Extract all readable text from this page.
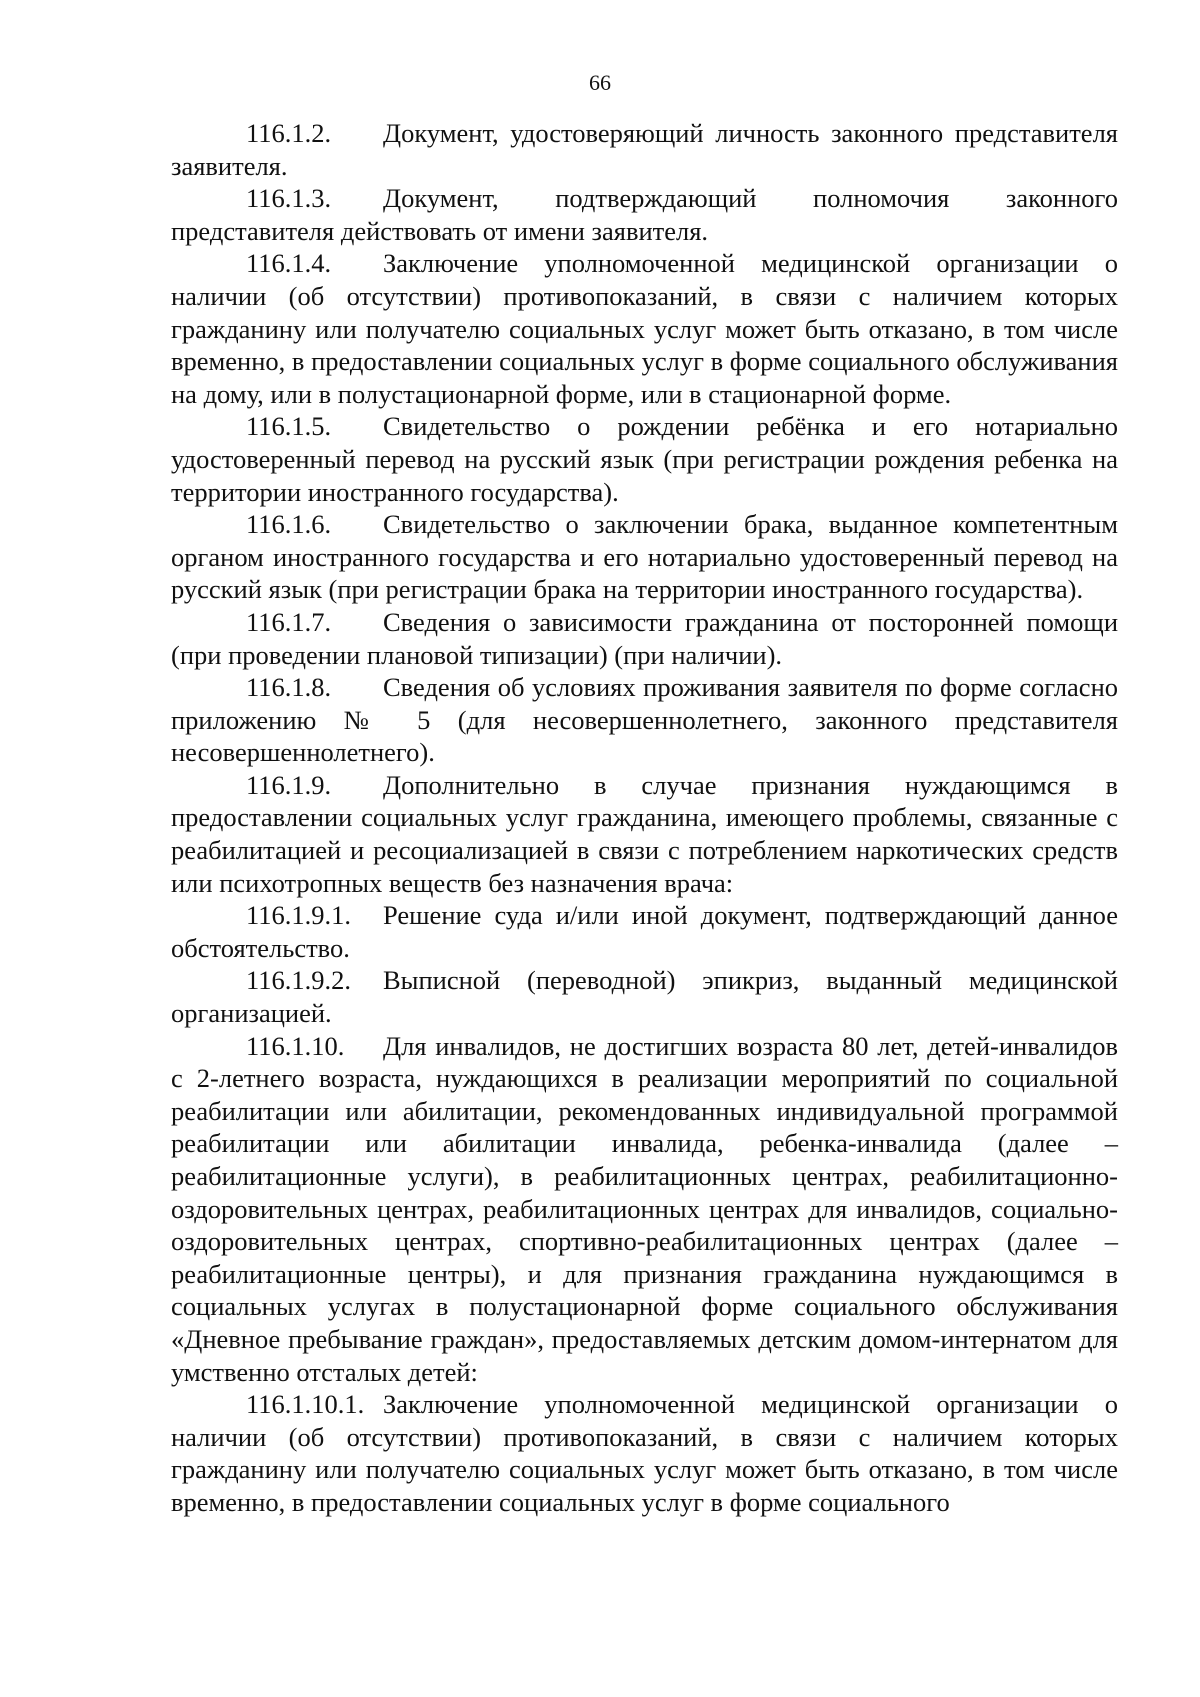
66

116.1.2. Документ, удостоверяющий личность законного представителя заявителя.

116.1.3. Документ, подтверждающий полномочия законного представителя действовать от имени заявителя.

116.1.4. Заключение уполномоченной медицинской организации о наличии (об отсутствии) противопоказаний, в связи с наличием которых гражданину или получателю социальных услуг может быть отказано, в том числе временно, в предоставлении социальных услуг в форме социального обслуживания на дому, или в полустационарной форме, или в стационарной форме.

116.1.5. Свидетельство о рождении ребёнка и его нотариально удостоверенный перевод на русский язык (при регистрации рождения ребенка на территории иностранного государства).

116.1.6. Свидетельство о заключении брака, выданное компетентным органом иностранного государства и его нотариально удостоверенный перевод на русский язык (при регистрации брака на территории иностранного государства).

116.1.7. Сведения о зависимости гражданина от посторонней помощи (при проведении плановой типизации) (при наличии).

116.1.8. Сведения об условиях проживания заявителя по форме согласно приложению № 5 (для несовершеннолетнего, законного представителя несовершеннолетнего).

116.1.9. Дополнительно в случае признания нуждающимся в предоставлении социальных услуг гражданина, имеющего проблемы, связанные с реабилитацией и ресоциализацией в связи с потреблением наркотических средств или психотропных веществ без назначения врача:

116.1.9.1. Решение суда и/или иной документ, подтверждающий данное обстоятельство.

116.1.9.2. Выписной (переводной) эпикриз, выданный медицинской организацией.

116.1.10. Для инвалидов, не достигших возраста 80 лет, детей-инвалидов с 2-летнего возраста, нуждающихся в реализации мероприятий по социальной реабилитации или абилитации, рекомендованных индивидуальной программой реабилитации или абилитации инвалида, ребенка-инвалида (далее – реабилитационные услуги), в реабилитационных центрах, реабилитационно-оздоровительных центрах, реабилитационных центрах для инвалидов, социально-оздоровительных центрах, спортивно-реабилитационных центрах (далее – реабилитационные центры), и для признания гражданина нуждающимся в социальных услугах в полустационарной форме социального обслуживания «Дневное пребывание граждан», предоставляемых детским домом-интернатом для умственно отсталых детей:

116.1.10.1. Заключение уполномоченной медицинской организации о наличии (об отсутствии) противопоказаний, в связи с наличием которых гражданину или получателю социальных услуг может быть отказано, в том числе временно, в предоставлении социальных услуг в форме социального
